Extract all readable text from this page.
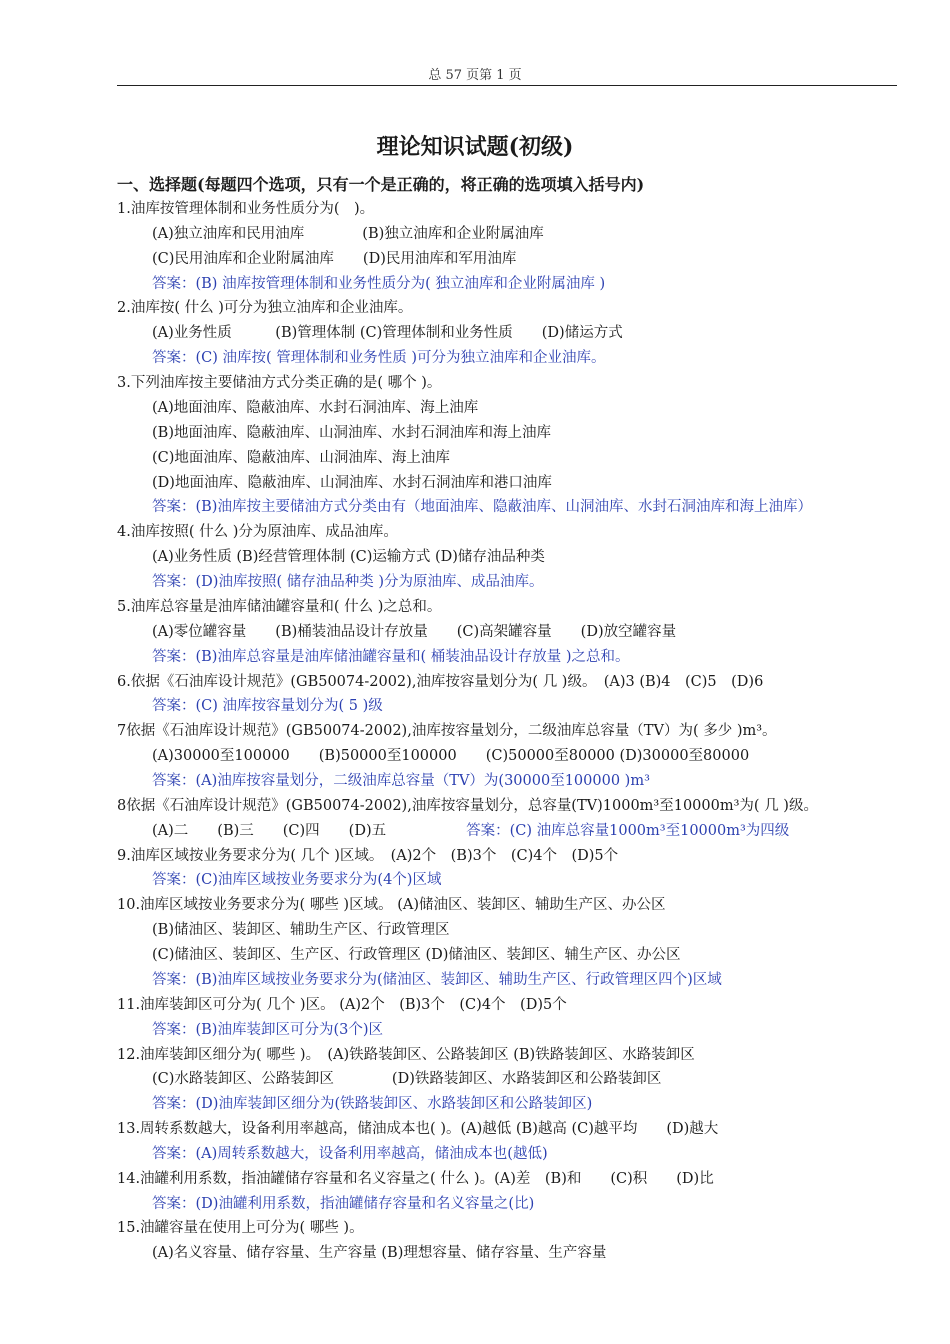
总 57 页第 1 页
理论知识试题(初级)
一、选择题(每题四个选项，只有一个是正确的，将正确的选项填入括号内)
1.油库按管理体制和业务性质分为(　)。
(A)独立油库和民用油库　　　　(B)独立油库和企业附属油库
(C)民用油库和企业附属油库　　(D)民用油库和军用油库
答案：(B) 油库按管理体制和业务性质分为( 独立油库和企业附属油库 )
2.油库按( 什么 )可分为独立油库和企业油库。
(A)业务性质　　　(B)管理体制 (C)管理体制和业务性质　　(D)储运方式
答案：(C) 油库按( 管理体制和业务性质 )可分为独立油库和企业油库。
3.下列油库按主要储油方式分类正确的是( 哪个 )。
(A)地面油库、隐蔽油库、水封石洞油库、海上油库
(B)地面油库、隐蔽油库、山洞油库、水封石洞油库和海上油库
(C)地面油库、隐蔽油库、山洞油库、海上油库
(D)地面油库、隐蔽油库、山洞油库、水封石洞油库和港口油库
答案：(B)油库按主要储油方式分类由有（地面油库、隐蔽油库、山洞油库、水封石洞油库和海上油库）
4.油库按照( 什么 )分为原油库、成品油库。
(A)业务性质 (B)经营管理体制 (C)运输方式 (D)储存油品种类
答案：(D)油库按照( 储存油品种类 )分为原油库、成品油库。
5.油库总容量是油库储油罐容量和( 什么 )之总和。
(A)零位罐容量　　(B)桶装油品设计存放量　　(C)高架罐容量　　(D)放空罐容量
答案：(B)油库总容量是油库储油罐容量和( 桶装油品设计存放量 )之总和。
6.依据《石油库设计规范》(GB50074-2002),油库按容量划分为( 几 )级。　(A)3 (B)4　(C)5　(D)6
答案：(C) 油库按容量划分为( 5 )级
7依据《石油库设计规范》(GB50074-2002),油库按容量划分，二级油库总容量（TV）为( 多少 )m³。
(A)30000至100000　　(B)50000至100000　　(C)50000至80000 (D)30000至80000
答案：(A)油库按容量划分，二级油库总容量（TV）为(30000至100000 )m³
8依据《石油库设计规范》(GB50074-2002),油库按容量划分，总容量(TV)1000m³至10000m³为( 几 )级。
(A)二　　(B)三　　(C)四　　(D)五	答案：(C) 油库总容量1000m³至10000m³为四级
9.油库区域按业务要求分为( 几个 )区域。　(A)2个　(B)3个　(C)4个　(D)5个
答案：(C)油库区域按业务要求分为(4个)区域
10.油库区域按业务要求分为( 哪些 )区域。 (A)储油区、装卸区、辅助生产区、办公区
(B)储油区、装卸区、辅助生产区、行政管理区
(C)储油区、装卸区、生产区、行政管理区 (D)储油区、装卸区、辅生产区、办公区
答案：(B)油库区域按业务要求分为(储油区、装卸区、辅助生产区、行政管理区四个)区域
11.油库装卸区可分为( 几个 )区。 (A)2个　(B)3个　(C)4个　(D)5个
答案：(B)油库装卸区可分为(3个)区
12.油库装卸区细分为( 哪些 )。　(A)铁路装卸区、公路装卸区 (B)铁路装卸区、水路装卸区
(C)水路装卸区、公路装卸区　　　　(D)铁路装卸区、水路装卸区和公路装卸区
答案：(D)油库装卸区细分为(铁路装卸区、水路装卸区和公路装卸区)
13.周转系数越大，设备利用率越高，储油成本也( )。(A)越低 (B)越高 (C)越平均　　(D)越大
答案：(A)周转系数越大，设备利用率越高，储油成本也(越低)
14.油罐利用系数，指油罐储存容量和名义容量之( 什么 )。(A)差　(B)和　　(C)积　　(D)比
答案：(D)油罐利用系数，指油罐储存容量和名义容量之(比)
15.油罐容量在使用上可分为( 哪些 )。
(A)名义容量、储存容量、生产容量 (B)理想容量、储存容量、生产容量
